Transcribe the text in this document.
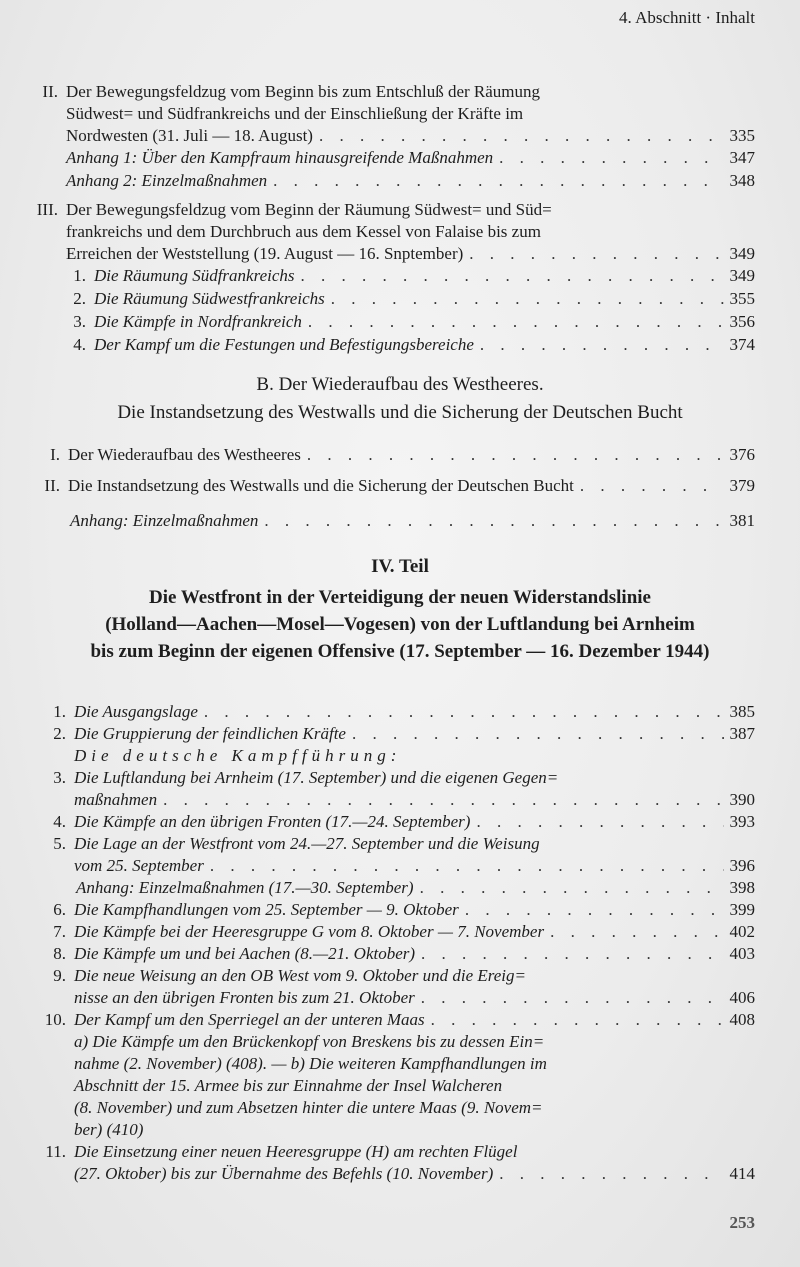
4. Abschnitt · Inhalt
253
B. Der Wiederaufbau des Westheeres.
Die Instandsetzung des Westwalls und die Sicherung der Deutschen Bucht
IV. Teil
Die Westfront in der Verteidigung der neuen Widerstandslinie
(Holland—Aachen—Mosel—Vogesen) von der Luftlandung bei Arnheim
bis zum Beginn der eigenen Offensive (17. September — 16. Dezember 1944)
II. Der Bewegungsfeldzug vom Beginn bis zum Entschluß der Räumung
Südwest= und Südfrankreichs und der Einschließung der Kräfte im
Nordwesten (31. Juli — 18. August) . . .	335
Anhang 1: Über den Kampfraum hinausgreifende Maßnahmen . . .	347
Anhang 2: Einzelmaßnahmen . . .	348
III. Der Bewegungsfeldzug vom Beginn der Räumung Südwest= und Süd=
frankreichs und dem Durchbruch aus dem Kessel von Falaise bis zum
Erreichen der Weststellung (19. August — 16. Snptember) . . .	349
1. Die Räumung Südfrankreichs . . .	349
2. Die Räumung Südwestfrankreichs . . .	355
3. Die Kämpfe in Nordfrankreich . . .	356
4. Der Kampf um die Festungen und Befestigungsbereiche . . .	374
I. Der Wiederaufbau des Westheeres . . .	376
II. Die Instandsetzung des Westwalls und die Sicherung der Deutschen Bucht . . .	379
Anhang: Einzelmaßnahmen . . .	381
1. Die Ausgangslage . . .	385
2. Die Gruppierung der feindlichen Kräfte . . .	387
Die deutsche Kampfführung:
3. Die Luftlandung bei Arnheim (17. September) und die eigenen Gegen=
maßnahmen . . .	390
4. Die Kämpfe an den übrigen Fronten (17.—24. September) . . .	393
5. Die Lage an der Westfront vom 24.—27. September und die Weisung
vom 25. September . . .	396
Anhang: Einzelmaßnahmen (17.—30. September) . . .	398
6. Die Kampfhandlungen vom 25. September — 9. Oktober . . .	399
7. Die Kämpfe bei der Heeresgruppe G vom 8. Oktober — 7. November . . .	402
8. Die Kämpfe um und bei Aachen (8.—21. Oktober) . . .	403
9. Die neue Weisung an den OB West vom 9. Oktober und die Ereig=
nisse an den übrigen Fronten bis zum 21. Oktober . . .	406
10. Der Kampf um den Sperriegel an der unteren Maas . . .	408
a) Die Kämpfe um den Brückenkopf von Breskens bis zu dessen Ein=
nahme (2. November) (408). — b) Die weiteren Kampfhandlungen im
Abschnitt der 15. Armee bis zur Einnahme der Insel Walcheren
(8. November) und zum Absetzen hinter die untere Maas (9. Novem=
ber) (410)
11. Die Einsetzung einer neuen Heeresgruppe (H) am rechten Flügel
(27. Oktober) bis zur Übernahme des Befehls (10. November) . . .	414
